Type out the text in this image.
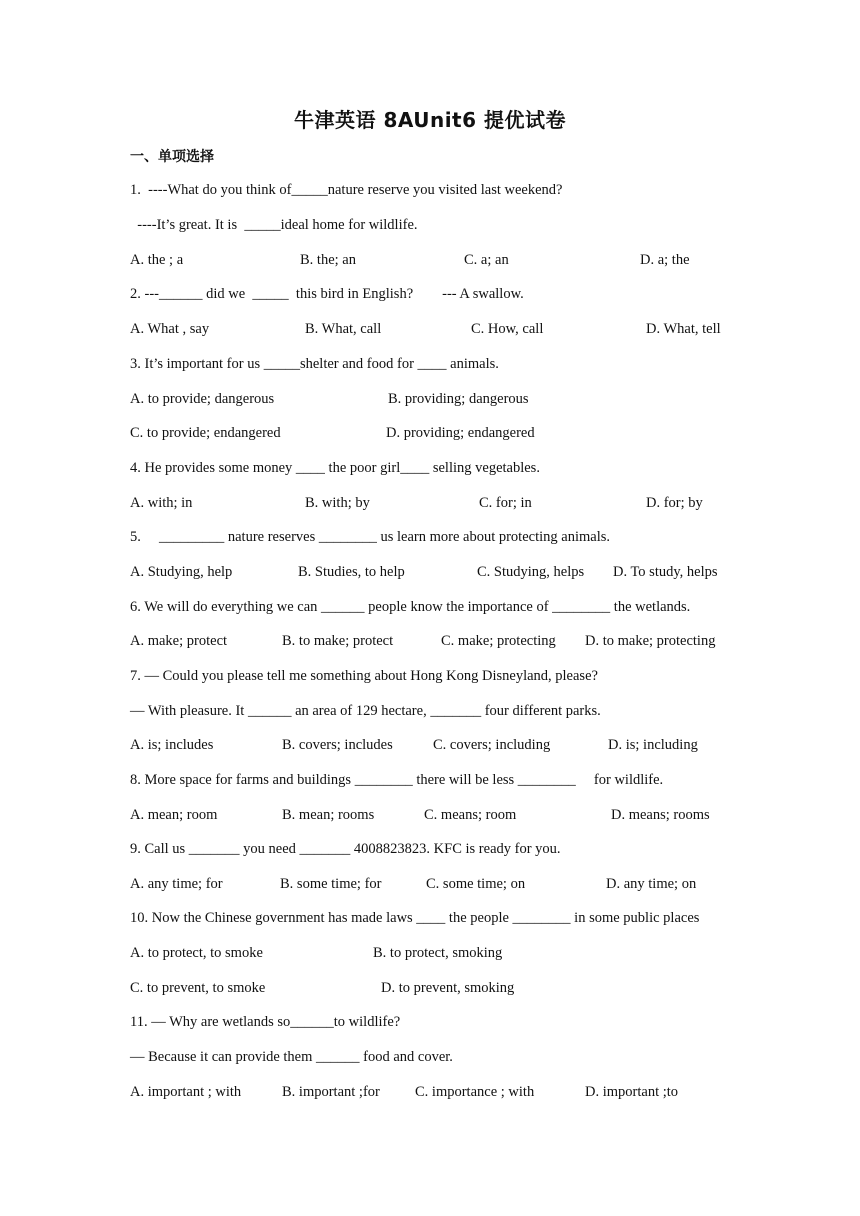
牛津英语 8AUnit6 提优试卷
一、单项选择
1.  ----What do you think of_____nature reserve you visited last weekend?
----It’s great. It is  _____ideal home for wildlife.
A. the ; a	B. the; an	C. a; an	D. a; the
2. ---______ did we  _____  this bird in English?        --- A swallow.
A. What , say	B. What, call	C. How, call	D. What, tell
3. It’s important for us _____shelter and food for ____ animals.
A. to provide; dangerous	B. providing; dangerous
C. to provide; endangered	D. providing; endangered
4. He provides some money ____ the poor girl____ selling vegetables.
A. with; in	B. with; by	C. for; in	D. for; by
5.     _________ nature reserves ________ us learn more about protecting animals.
A. Studying, help	B. Studies, to help	C. Studying, helps D. To study, helps
6. We will do everything we can ______ people know the importance of ________ the wetlands.
A. make; protect	B. to make; protect	C. make; protecting D. to make; protecting
7. — Could you please tell me something about Hong Kong Disneyland, please?
— With pleasure. It ______ an area of 129 hectare, _______ four different parks.
A. is; includes	B. covers; includes	C. covers; including	D. is; including
8. More space for farms and buildings ________ there will be less ________     for wildlife.
A. mean; room	B. mean; rooms	C. means; room	D. means; rooms
9. Call us _______ you need _______ 4008823823. KFC is ready for you.
A. any time; for	B. some time; for	C. some time; on	D. any time; on
10. Now the Chinese government has made laws ____ the people ________ in some public places
A. to protect, to smoke	B. to protect, smoking
C. to prevent, to smoke	D. to prevent, smoking
11. — Why are wetlands so______to wildlife?
— Because it can provide them ______ food and cover.
A. important ; with	B. important ;for C. importance ; with	D. important ;to
